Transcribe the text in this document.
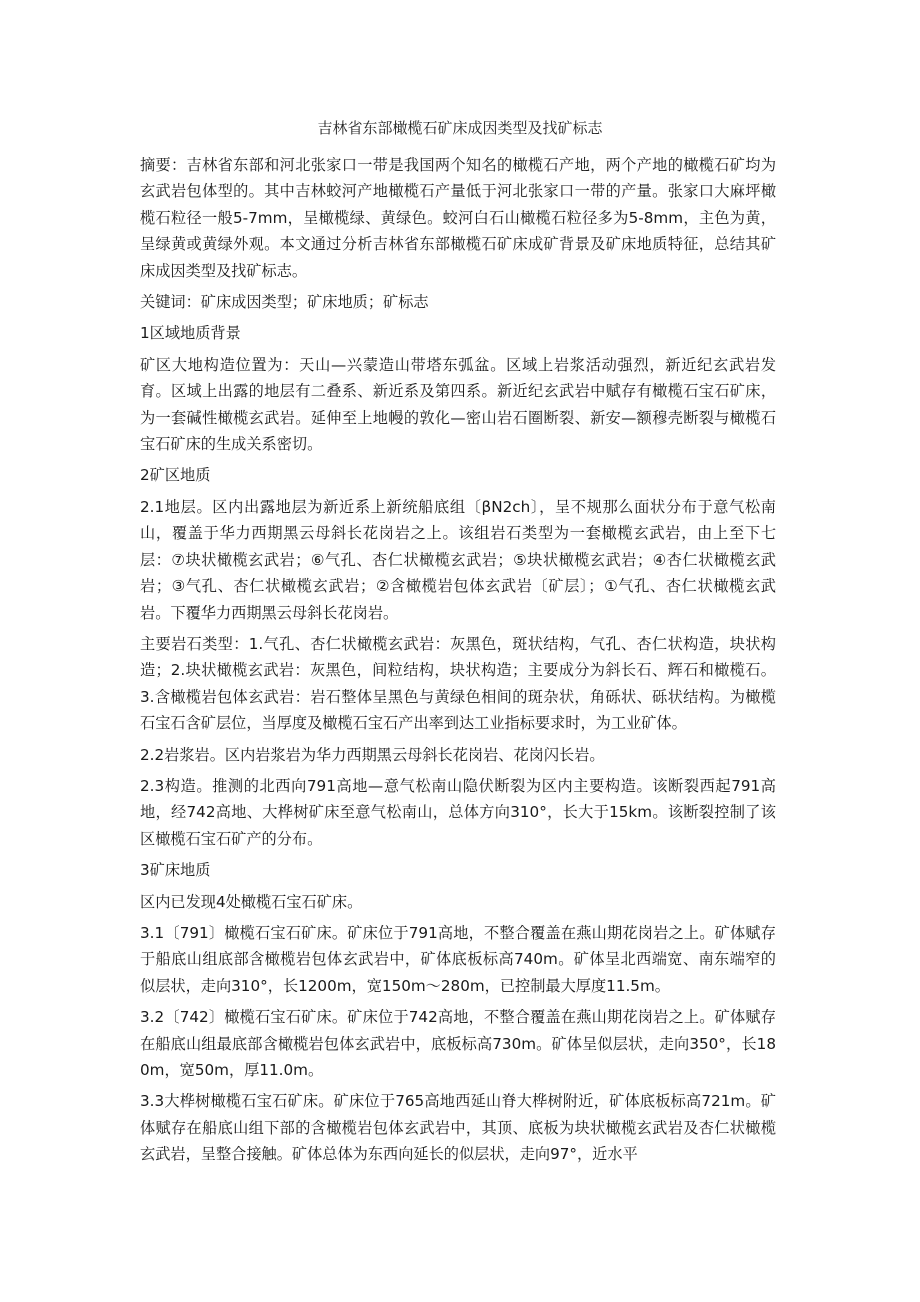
吉林省东部橄榄石矿床成因类型及找矿标志

摘要：吉林省东部和河北张家口一带是我国两个知名的橄榄石产地，两个产地的橄榄石矿均为玄武岩包体型的。其中吉林蛟河产地橄榄石产量低于河北张家口一带的产量。张家口大麻坪橄榄石粒径一般5-7mm，呈橄榄绿、黄绿色。蛟河白石山橄榄石粒径多为5-8mm，主色为黄，呈绿黄或黄绿外观。本文通过分析吉林省东部橄榄石矿床成矿背景及矿床地质特征，总结其矿床成因类型及找矿标志。

关键词：矿床成因类型；矿床地质；矿标志

1区域地质背景

矿区大地构造位置为：天山—兴蒙造山带塔东弧盆。区域上岩浆活动强烈，新近纪玄武岩发育。区域上出露的地层有二叠系、新近系及第四系。新近纪玄武岩中赋存有橄榄石宝石矿床，为一套碱性橄榄玄武岩。延伸至上地幔的敦化—密山岩石圈断裂、新安—额穆壳断裂与橄榄石宝石矿床的生成关系密切。

2矿区地质

2.1地层。区内出露地层为新近系上新统船底组〔βN2ch〕，呈不规那么面状分布于意气松南山，覆盖于华力西期黑云母斜长花岗岩之上。该组岩石类型为一套橄榄玄武岩，由上至下七层：⑦块状橄榄玄武岩；⑥气孔、杏仁状橄榄玄武岩；⑤块状橄榄玄武岩；④杏仁状橄榄玄武岩；③气孔、杏仁状橄榄玄武岩；②含橄榄岩包体玄武岩〔矿层〕；①气孔、杏仁状橄榄玄武岩。下覆华力西期黑云母斜长花岗岩。

主要岩石类型：1.气孔、杏仁状橄榄玄武岩：灰黑色，斑状结构，气孔、杏仁状构造，块状构造；2.块状橄榄玄武岩：灰黑色，间粒结构，块状构造；主要成分为斜长石、辉石和橄榄石。3.含橄榄岩包体玄武岩：岩石整体呈黑色与黄绿色相间的斑杂状，角砾状、砾状结构。为橄榄石宝石含矿层位，当厚度及橄榄石宝石产出率到达工业指标要求时，为工业矿体。

2.2岩浆岩。区内岩浆岩为华力西期黑云母斜长花岗岩、花岗闪长岩。

2.3构造。推测的北西向791高地—意气松南山隐伏断裂为区内主要构造。该断裂西起791高地，经742高地、大桦树矿床至意气松南山，总体方向310°，长大于15km。该断裂控制了该区橄榄石宝石矿产的分布。

3矿床地质

区内已发现4处橄榄石宝石矿床。

3.1〔791〕橄榄石宝石矿床。矿床位于791高地，不整合覆盖在燕山期花岗岩之上。矿体赋存于船底山组底部含橄榄岩包体玄武岩中，矿体底板标高740m。矿体呈北西端宽、南东端窄的似层状，走向310°，长1200m，宽150m～280m，已控制最大厚度11.5m。

3.2〔742〕橄榄石宝石矿床。矿床位于742高地，不整合覆盖在燕山期花岗岩之上。矿体赋存在船底山组最底部含橄榄岩包体玄武岩中，底板标高730m。矿体呈似层状，走向350°，长180m，宽50m，厚11.0m。

3.3大桦树橄榄石宝石矿床。矿床位于765高地西延山脊大桦树附近，矿体底板标高721m。矿体赋存在船底山组下部的含橄榄岩包体玄武岩中，其顶、底板为块状橄榄玄武岩及杏仁状橄榄玄武岩，呈整合接触。矿体总体为东西向延长的似层状，走向97°，近水平
